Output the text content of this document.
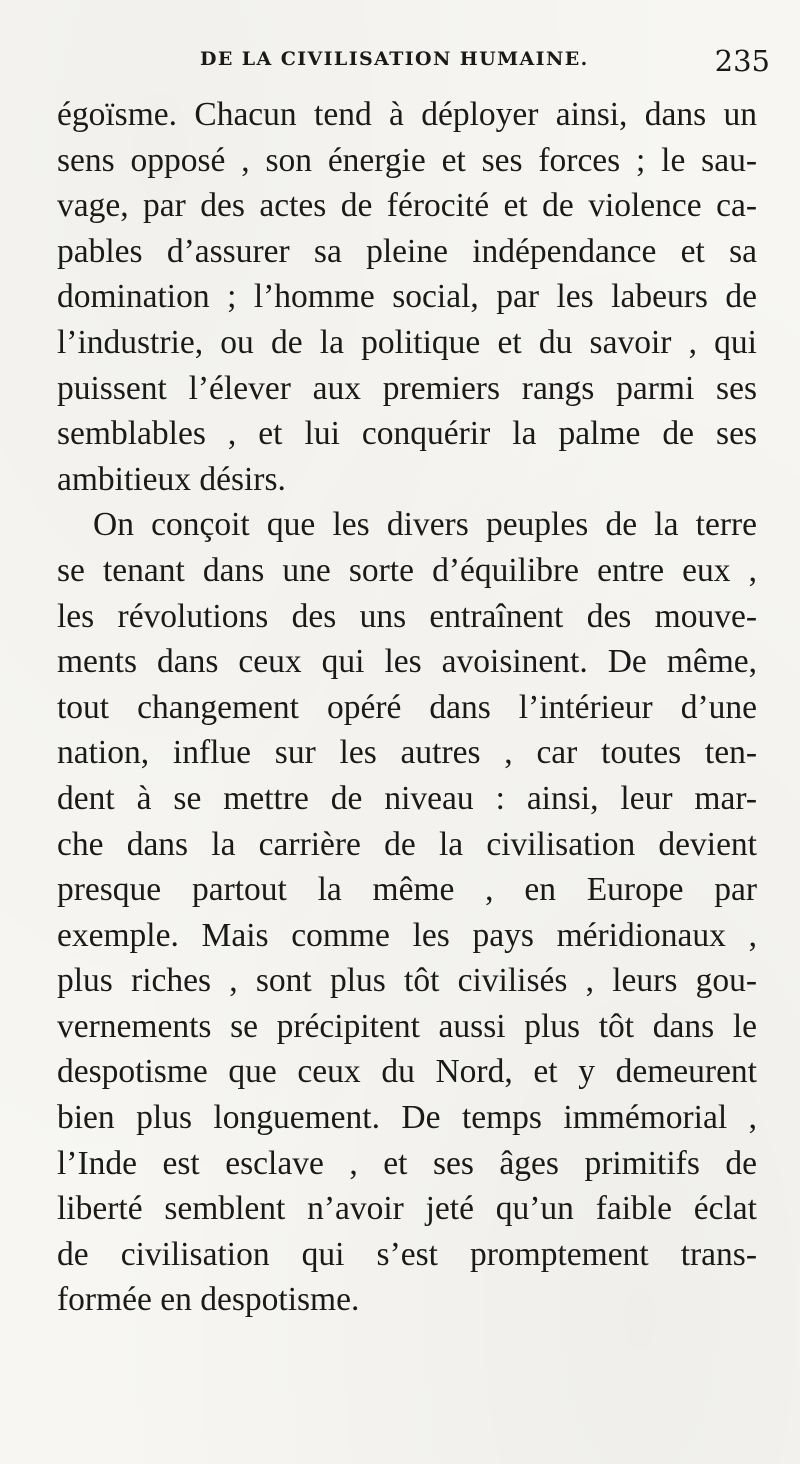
DE LA CIVILISATION HUMAINE.	235
égoïsme. Chacun tend à déployer ainsi, dans un
sens opposé , son énergie et ses forces ; le sau-
vage, par des actes de férocité et de violence ca-
pables d’assurer sa pleine indépendance et sa
domination ; l’homme social, par les labeurs de
l’industrie, ou de la politique et du savoir , qui
puissent l’élever aux premiers rangs parmi ses
semblables , et lui conquérir la palme de ses
ambitieux désirs.
On conçoit que les divers peuples de la terre
se tenant dans une sorte d’équilibre entre eux ,
les révolutions des uns entraînent des mouve-
ments dans ceux qui les avoisinent. De même,
tout changement opéré dans l’intérieur d’une
nation, influe sur les autres , car toutes ten-
dent à se mettre de niveau : ainsi, leur mar-
che dans la carrière de la civilisation devient
presque partout la même , en Europe par
exemple. Mais comme les pays méridionaux ,
plus riches , sont plus tôt civilisés , leurs gou-
vernements se précipitent aussi plus tôt dans le
despotisme que ceux du Nord, et y demeurent
bien plus longuement. De temps immémorial ,
l’Inde est esclave , et ses âges primitifs de
liberté semblent n’avoir jeté qu’un faible éclat
de civilisation qui s’est promptement trans-
formée en despotisme.
